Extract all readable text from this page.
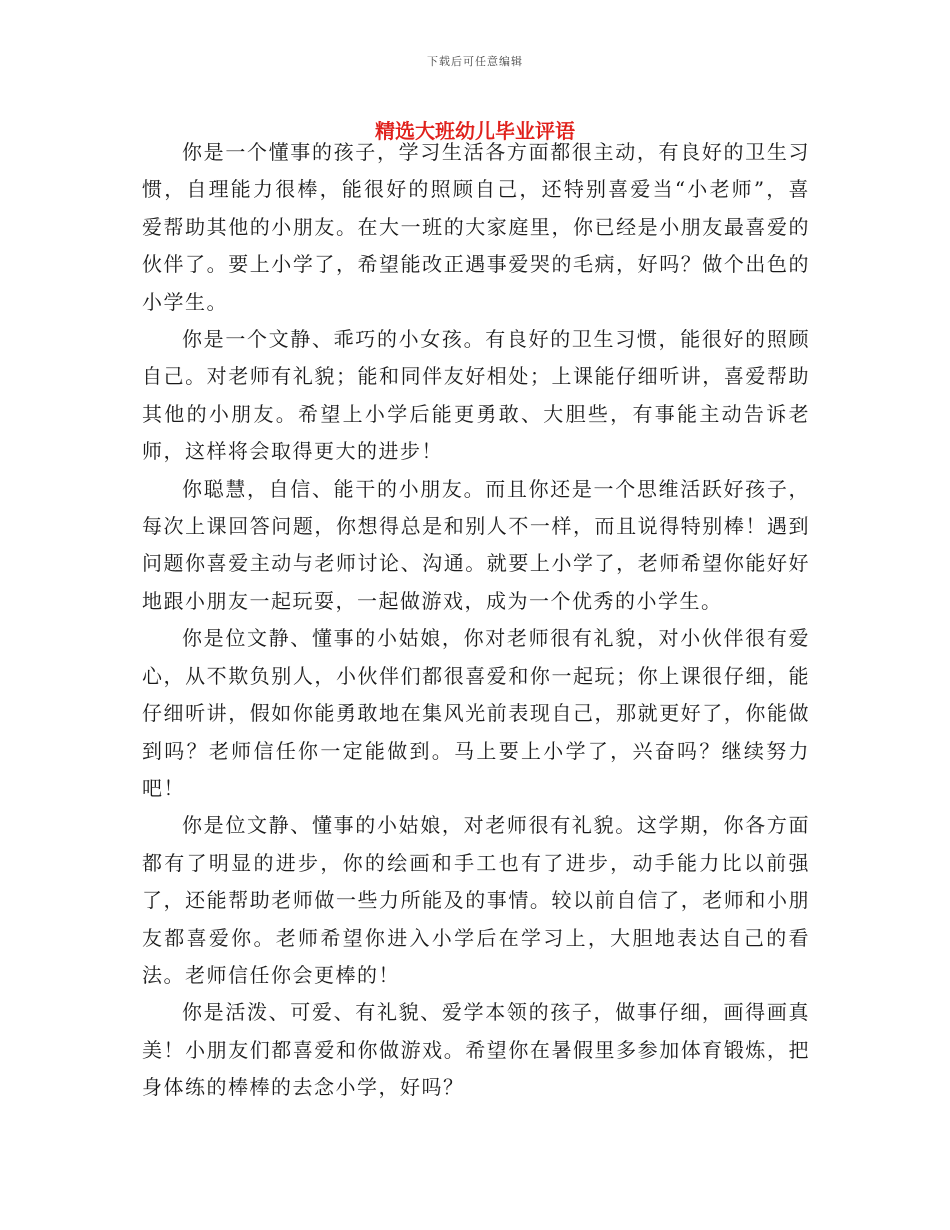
下载后可任意编辑
精选大班幼儿毕业评语

你是一个懂事的孩子，学习生活各方面都很主动，有良好的卫生习惯，自理能力很棒，能很好的照顾自己，还特别喜爱当“小老师”，喜爱帮助其他的小朋友。在大一班的大家庭里，你已经是小朋友最喜爱的伙伴了。要上小学了，希望能改正遇事爱哭的毛病，好吗？做个出色的小学生。

你是一个文静、乖巧的小女孩。有良好的卫生习惯，能很好的照顾自己。对老师有礼貌；能和同伴友好相处；上课能仔细听讲，喜爱帮助其他的小朋友。希望上小学后能更勇敢、大胆些，有事能主动告诉老师，这样将会取得更大的进步！

你聪慧，自信、能干的小朋友。而且你还是一个思维活跃好孩子，每次上课回答问题，你想得总是和别人不一样，而且说得特别棒！遇到问题你喜爱主动与老师讨论、沟通。就要上小学了，老师希望你能好好地跟小朋友一起玩耍，一起做游戏，成为一个优秀的小学生。

你是位文静、懂事的小姑娘，你对老师很有礼貌，对小伙伴很有爱心，从不欺负别人，小伙伴们都很喜爱和你一起玩；你上课很仔细，能仔细听讲，假如你能勇敢地在集风光前表现自己，那就更好了，你能做到吗？老师信任你一定能做到。马上要上小学了，兴奋吗？继续努力吧！

你是位文静、懂事的小姑娘，对老师很有礼貌。这学期，你各方面都有了明显的进步，你的绘画和手工也有了进步，动手能力比以前强了，还能帮助老师做一些力所能及的事情。较以前自信了，老师和小朋友都喜爱你。老师希望你进入小学后在学习上，大胆地表达自己的看法。老师信任你会更棒的！

你是活泼、可爱、有礼貌、爱学本领的孩子，做事仔细，画得画真美！小朋友们都喜爱和你做游戏。希望你在暑假里多参加体育锻炼，把身体练的棒棒的去念小学，好吗？
